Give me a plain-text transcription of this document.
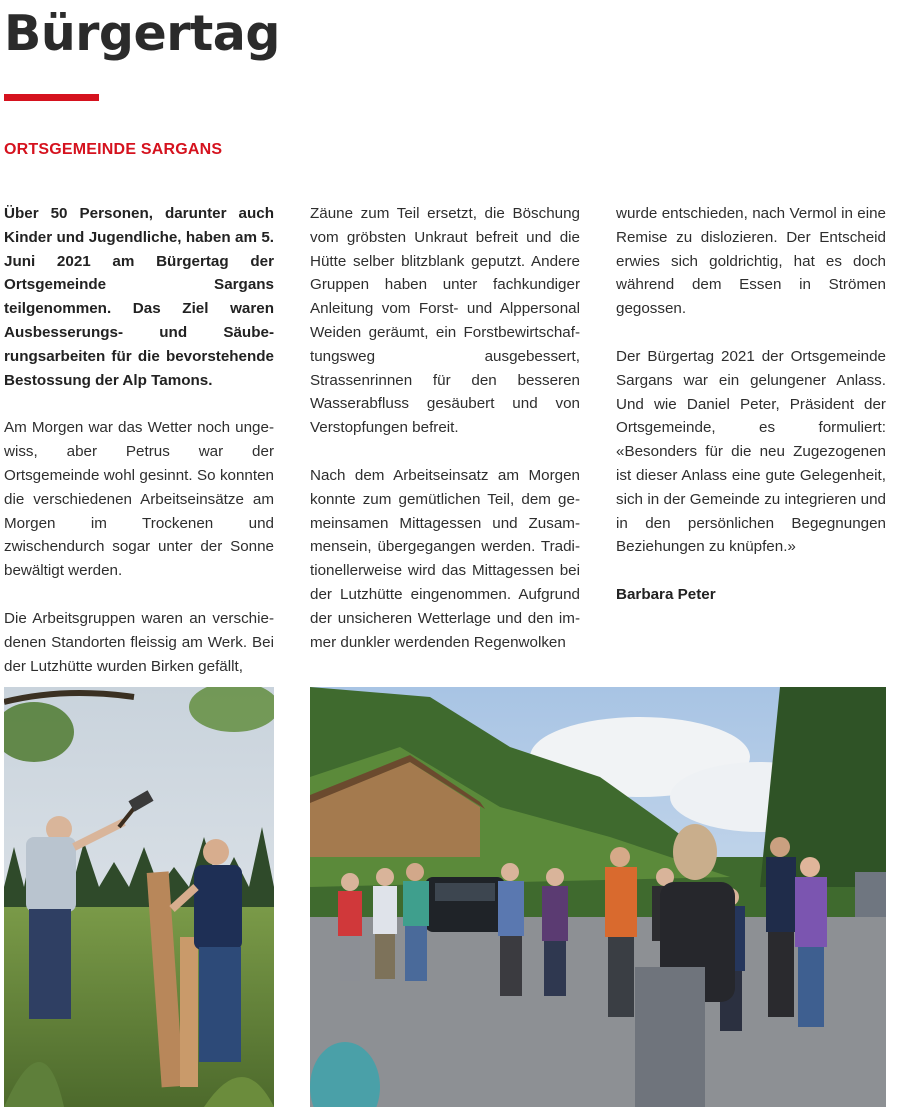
Bürgertag
ORTSGEMEINDE SARGANS

Über 50 Personen, darunter auch Kinder und Jugendliche, haben am 5. Juni 2021 am Bürgertag der Ortsgemeinde Sargans teilgenommen. Das Ziel waren Ausbesserungs- und Säuberungsarbeiten für die bevorstehende Bestossung der Alp Tamons.

Am Morgen war das Wetter noch ungewiss, aber Petrus war der Ortsgemeinde wohl gesinnt. So konnten die verschiedenen Arbeitseinsätze am Morgen im Trockenen und zwischendurch sogar unter der Sonne bewältigt werden.

Die Arbeitsgruppen waren an verschiedenen Standorten fleissig am Werk. Bei der Lutzhütte wurden Birken gefällt,

Zäune zum Teil ersetzt, die Böschung vom gröbsten Unkraut befreit und die Hütte selber blitzblank geputzt. Andere Gruppen haben unter fachkundiger Anleitung vom Forst- und Alppersonal Weiden geräumt, ein Forstbewirtschaftungsweg ausgebessert, Strassenrinnen für den besseren Wasserabfluss gesäubert und von Verstopfungen befreit.

Nach dem Arbeitseinsatz am Morgen konnte zum gemütlichen Teil, dem gemeinsamen Mittagessen und Zusammensein, übergegangen werden. Traditionellerweise wird das Mittagessen bei der Lutzhütte eingenommen. Aufgrund der unsicheren Wetterlage und den immer dunkler werdenden Regenwolken

wurde entschieden, nach Vermol in eine Remise zu dislozieren. Der Entscheid erwies sich goldrichtig, hat es doch während dem Essen in Strömen gegossen.

Der Bürgertag 2021 der Ortsgemeinde Sargans war ein gelungener Anlass. Und wie Daniel Peter, Präsident der Ortsgemeinde, es formuliert: «Besonders für die neu Zugezogenen ist dieser Anlass eine gute Gelegenheit, sich in der Gemeinde zu integrieren und in den persönlichen Begegnungen Beziehungen zu knüpfen.»

Barbara Peter
